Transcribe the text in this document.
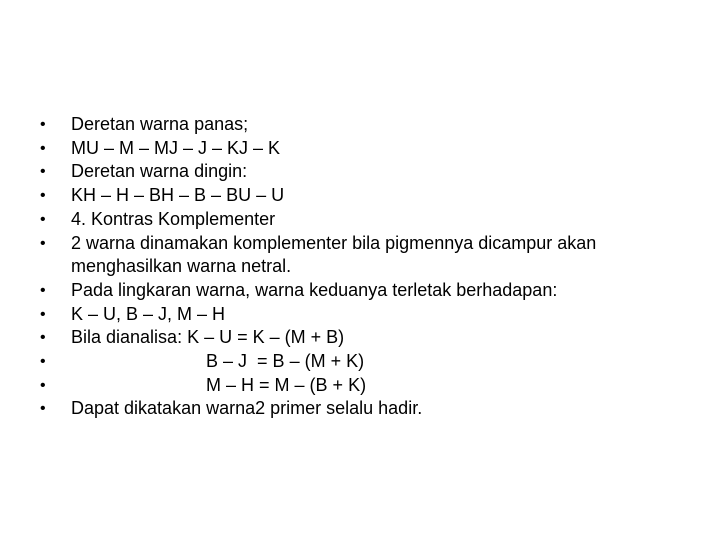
•	Deretan warna panas;
•	MU – M – MJ – J – KJ – K
•	Deretan warna dingin:
•	KH – H – BH – B – BU – U
•	4. Kontras Komplementer
•	2 warna dinamakan komplementer bila pigmennya dicampur akan menghasilkan warna netral.
•	Pada lingkaran warna, warna keduanya terletak berhadapan:
•	K – U, B – J, M – H
•	Bila dianalisa: K – U = K – (M + B)
•	B – J  = B – (M + K)
•	M – H = M – (B + K)
•	Dapat dikatakan warna2 primer selalu hadir.
